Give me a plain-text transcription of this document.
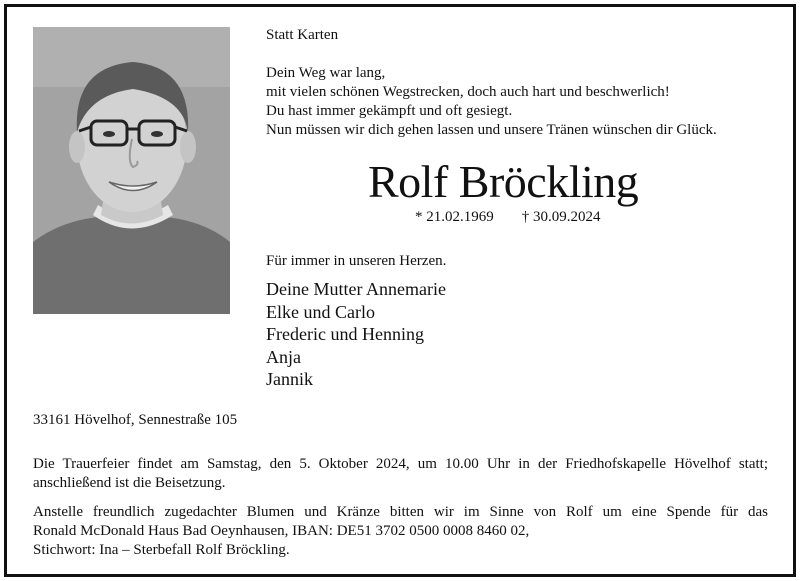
Statt Karten

Dein Weg war lang,
mit vielen schönen Wegstrecken, doch auch hart und beschwerlich!
Du hast immer gekämpft und oft gesiegt.
Nun müssen wir dich gehen lassen und unsere Tränen wünschen dir Glück.

Rolf Bröckling

* 21.02.1969 † 30.09.2024

Für immer in unseren Herzen.

Deine Mutter Annemarie
Elke und Carlo
Frederic und Henning
Anja
Jannik

33161 Hövelhof, Sennestraße 105

Die Trauerfeier findet am Samstag, den 5. Oktober 2024, um 10.00 Uhr in der Friedhofskapelle Hövelhof statt;
anschließend ist die Beisetzung.
Anstelle freundlich zugedachter Blumen und Kränze bitten wir im Sinne von Rolf um eine Spende für das
Ronald McDonald Haus Bad Oeynhausen, IBAN: DE51 3702 0500 0008 8460 02,
Stichwort: Ina – Sterbefall Rolf Bröckling.
